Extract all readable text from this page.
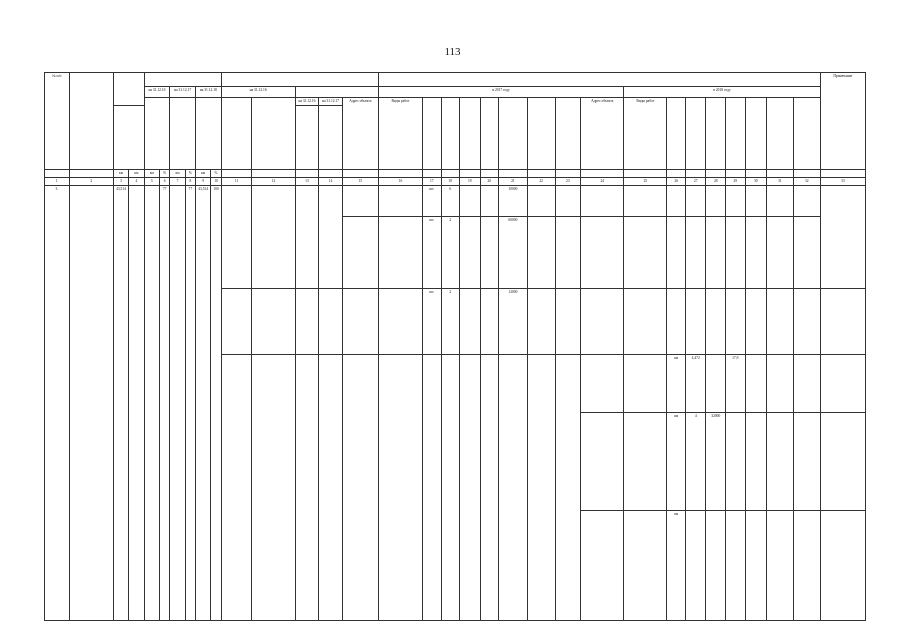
113
№ п/п																																Примечание
				на 31.12.16		на 31.12.17		на 31.12.18		на 31.12.16					в 2017 году									в 2018 году								
												на 31.12.16	на 31.12.17	Адрес объекта	Виды работ								Адрес объекта	Виды работ								

		км	км	км	%	км	%	км	%																							
1	2	3	4	5	6	7	8	9	10	11	12	13	14	15	16	17	18	19	20	21	22	23	24	25	26	27	28	29	30	31	32	33
3.		43,514			77		77	43,514	100							шт.	6			10000												
																шт.	2			60000												
																шт.	2			12000												
																									км	4,472		17,9				
																									км	4	32000					
																									км							
